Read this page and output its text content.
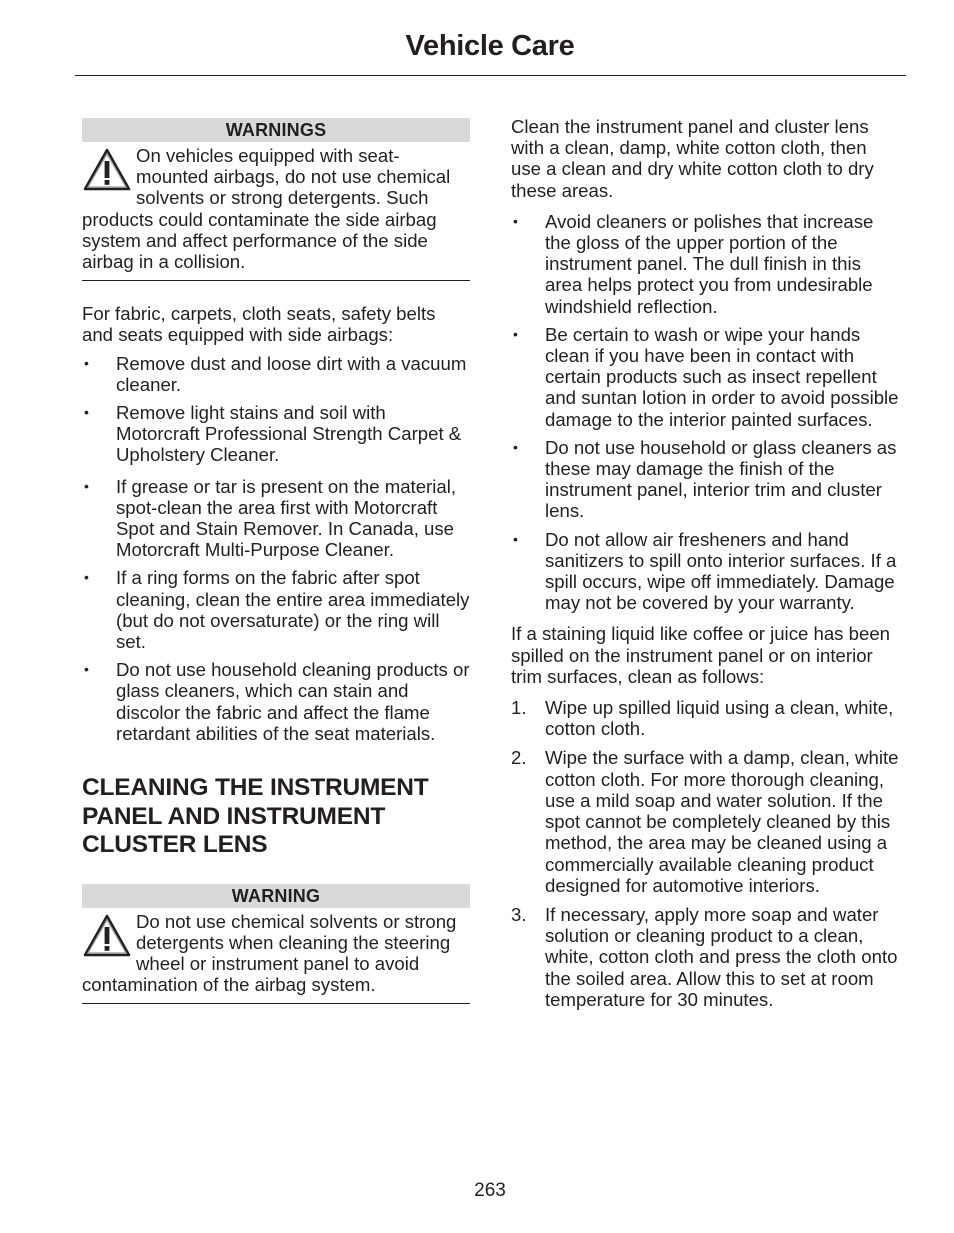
Vehicle Care
WARNINGS
On vehicles equipped with seat-mounted airbags, do not use chemical solvents or strong detergents. Such products could contaminate the side airbag system and affect performance of the side airbag in a collision.

For fabric, carpets, cloth seats, safety belts and seats equipped with side airbags:

• Remove dust and loose dirt with a vacuum cleaner.
• Remove light stains and soil with Motorcraft Professional Strength Carpet & Upholstery Cleaner.
• If grease or tar is present on the material, spot-clean the area first with Motorcraft Spot and Stain Remover. In Canada, use Motorcraft Multi-Purpose Cleaner.
• If a ring forms on the fabric after spot cleaning, clean the entire area immediately (but do not oversaturate) or the ring will set.
• Do not use household cleaning products or glass cleaners, which can stain and discolor the fabric and affect the flame retardant abilities of the seat materials.
CLEANING THE INSTRUMENT PANEL AND INSTRUMENT CLUSTER LENS
WARNING
Do not use chemical solvents or strong detergents when cleaning the steering wheel or instrument panel to avoid contamination of the airbag system.

Clean the instrument panel and cluster lens with a clean, damp, white cotton cloth, then use a clean and dry white cotton cloth to dry these areas.

• Avoid cleaners or polishes that increase the gloss of the upper portion of the instrument panel. The dull finish in this area helps protect you from undesirable windshield reflection.
• Be certain to wash or wipe your hands clean if you have been in contact with certain products such as insect repellent and suntan lotion in order to avoid possible damage to the interior painted surfaces.
• Do not use household or glass cleaners as these may damage the finish of the instrument panel, interior trim and cluster lens.
• Do not allow air fresheners and hand sanitizers to spill onto interior surfaces. If a spill occurs, wipe off immediately. Damage may not be covered by your warranty.

If a staining liquid like coffee or juice has been spilled on the instrument panel or on interior trim surfaces, clean as follows:

1. Wipe up spilled liquid using a clean, white, cotton cloth.
2. Wipe the surface with a damp, clean, white cotton cloth. For more thorough cleaning, use a mild soap and water solution. If the spot cannot be completely cleaned by this method, the area may be cleaned using a commercially available cleaning product designed for automotive interiors.
3. If necessary, apply more soap and water solution or cleaning product to a clean, white, cotton cloth and press the cloth onto the soiled area. Allow this to set at room temperature for 30 minutes.
263
